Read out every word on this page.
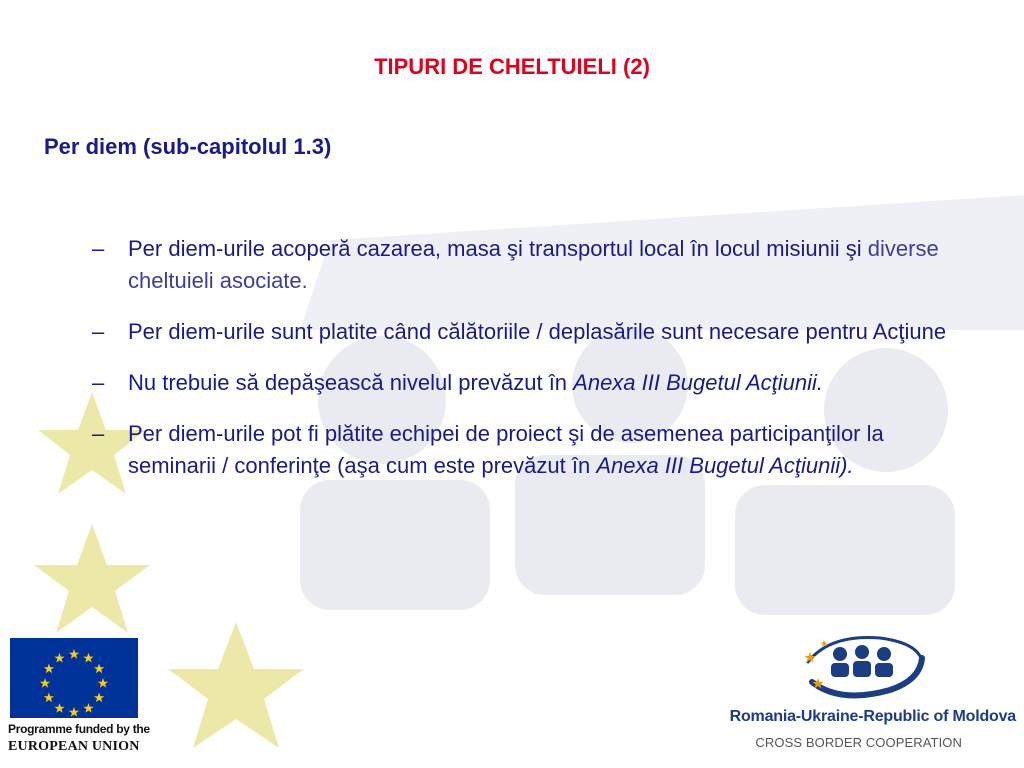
TIPURI DE CHELTUIELI (2)
Per diem (sub-capitolul 1.3)
– Per diem-urile acoperă cazarea, masa şi transportul local în locul misiunii şi diverse cheltuieli asociate.
– Per diem-urile sunt platite când călătoriile / deplasările sunt necesare pentru Acţiune
– Nu trebuie să depăşească nivelul prevăzut în Anexa III Bugetul Acţiunii.
– Per diem-urile pot fi plătite echipei de proiect şi de asemenea participanţilor la seminarii / conferinţe (aşa cum este prevăzut în Anexa III Bugetul Acţiunii).
Programme funded by the
EUROPEAN UNION
Romania-Ukraine-Republic of Moldova
CROSS BORDER COOPERATION
